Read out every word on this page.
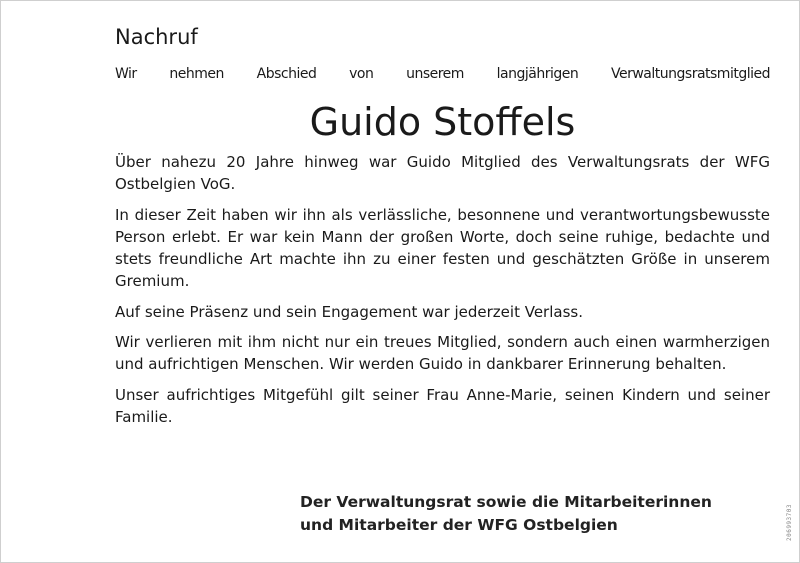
Nachruf

Wir nehmen Abschied von unserem langjährigen Verwaltungsratsmitglied

Guido Stoffels

Über nahezu 20 Jahre hinweg war Guido Mitglied des Verwaltungsrats der WFG Ostbelgien VoG.

In dieser Zeit haben wir ihn als verlässliche, besonnene und verantwortungsbewusste Person erlebt. Er war kein Mann der großen Worte, doch seine ruhige, bedachte und stets freundliche Art machte ihn zu einer festen und geschätzten Größe in unserem Gremium.

Auf seine Präsenz und sein Engagement war jederzeit Verlass.

Wir verlieren mit ihm nicht nur ein treues Mitglied, sondern auch einen warmherzigen und aufrichtigen Menschen. Wir werden Guido in dankbarer Erinnerung behalten.

Unser aufrichtiges Mitgefühl gilt seiner Frau Anne-Marie, seinen Kindern und seiner Familie.

Der Verwaltungsrat sowie die Mitarbeiterinnen
und Mitarbeiter der WFG Ostbelgien	206993703
